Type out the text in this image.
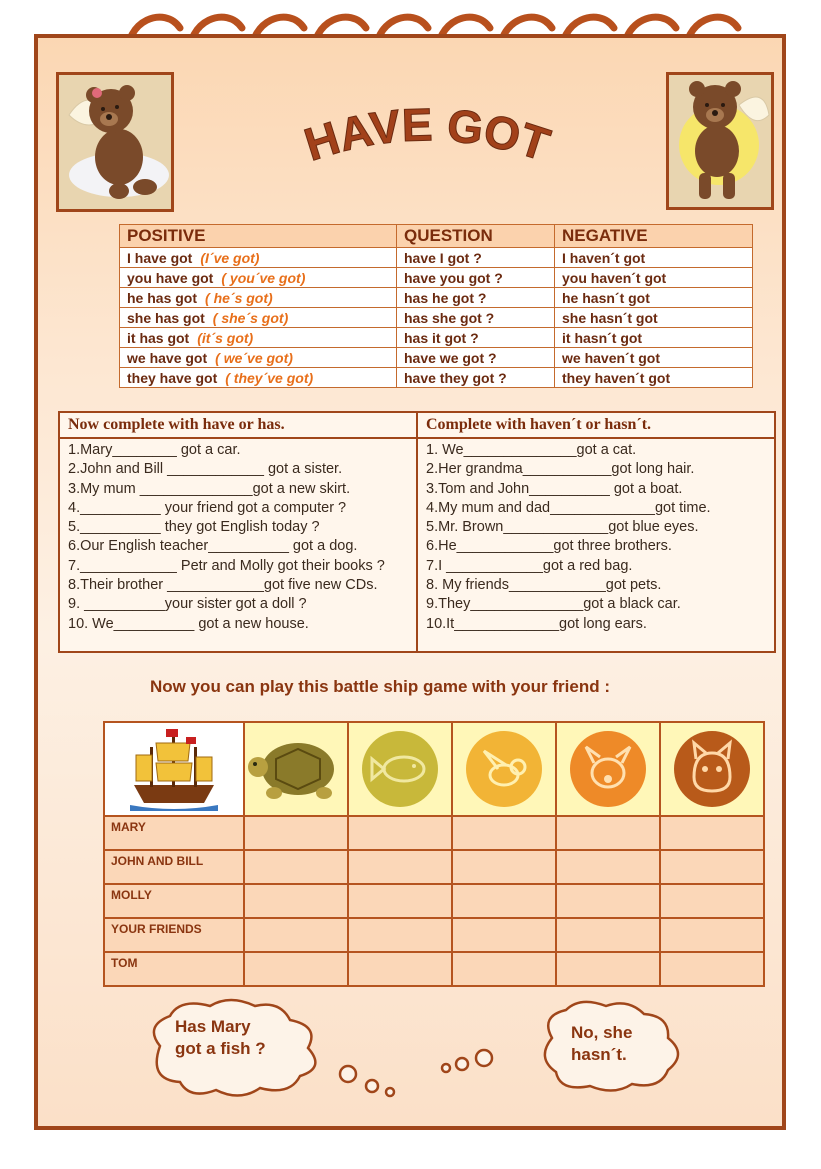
HAVE GOT
POSITIVE	QUESTION	NEGATIVE
I have got (I´ve got)	have I got ?	I haven´t got
you have got ( you´ve got)	have you got ?	you haven´t got
he has got ( he´s got)	has he got ?	he hasn´t got
she has got ( she´s got)	has she got ?	she hasn´t got
it has got (it´s got)	has it got ?	it hasn´t got
we have got ( we´ve got)	have we got ?	we haven´t got
they have got ( they´ve got)	have they got ?	they haven´t got
Now complete with have or has.
1.Mary________ got a car.
2.John and Bill ____________ got a sister.
3.My mum ______________got a new skirt.
4.__________ your friend got a computer ?
5.__________ they got English today ?
6.Our English teacher__________ got a dog.
7.____________ Petr and Molly got their books ?
8.Their brother ____________got five new CDs.
9. __________your sister got a doll ?
10. We__________ got a new house.
Complete with haven´t or hasn´t.
1. We______________got a cat.
2.Her grandma___________got long hair.
3.Tom and John__________ got a boat.
4.My mum and dad_____________got time.
5.Mr. Brown_____________got blue eyes.
6.He____________got three brothers.
7.I ____________got a red bag.
8. My friends____________got pets.
9.They______________got a black car.
10.It_____________got long ears.
Now you can play this battle ship game with your friend :

MARY					
JOHN AND BILL					
MOLLY					
YOUR FRIENDS					
TOM					
Has Mary
got a fish ?
No, she
hasn´t.
